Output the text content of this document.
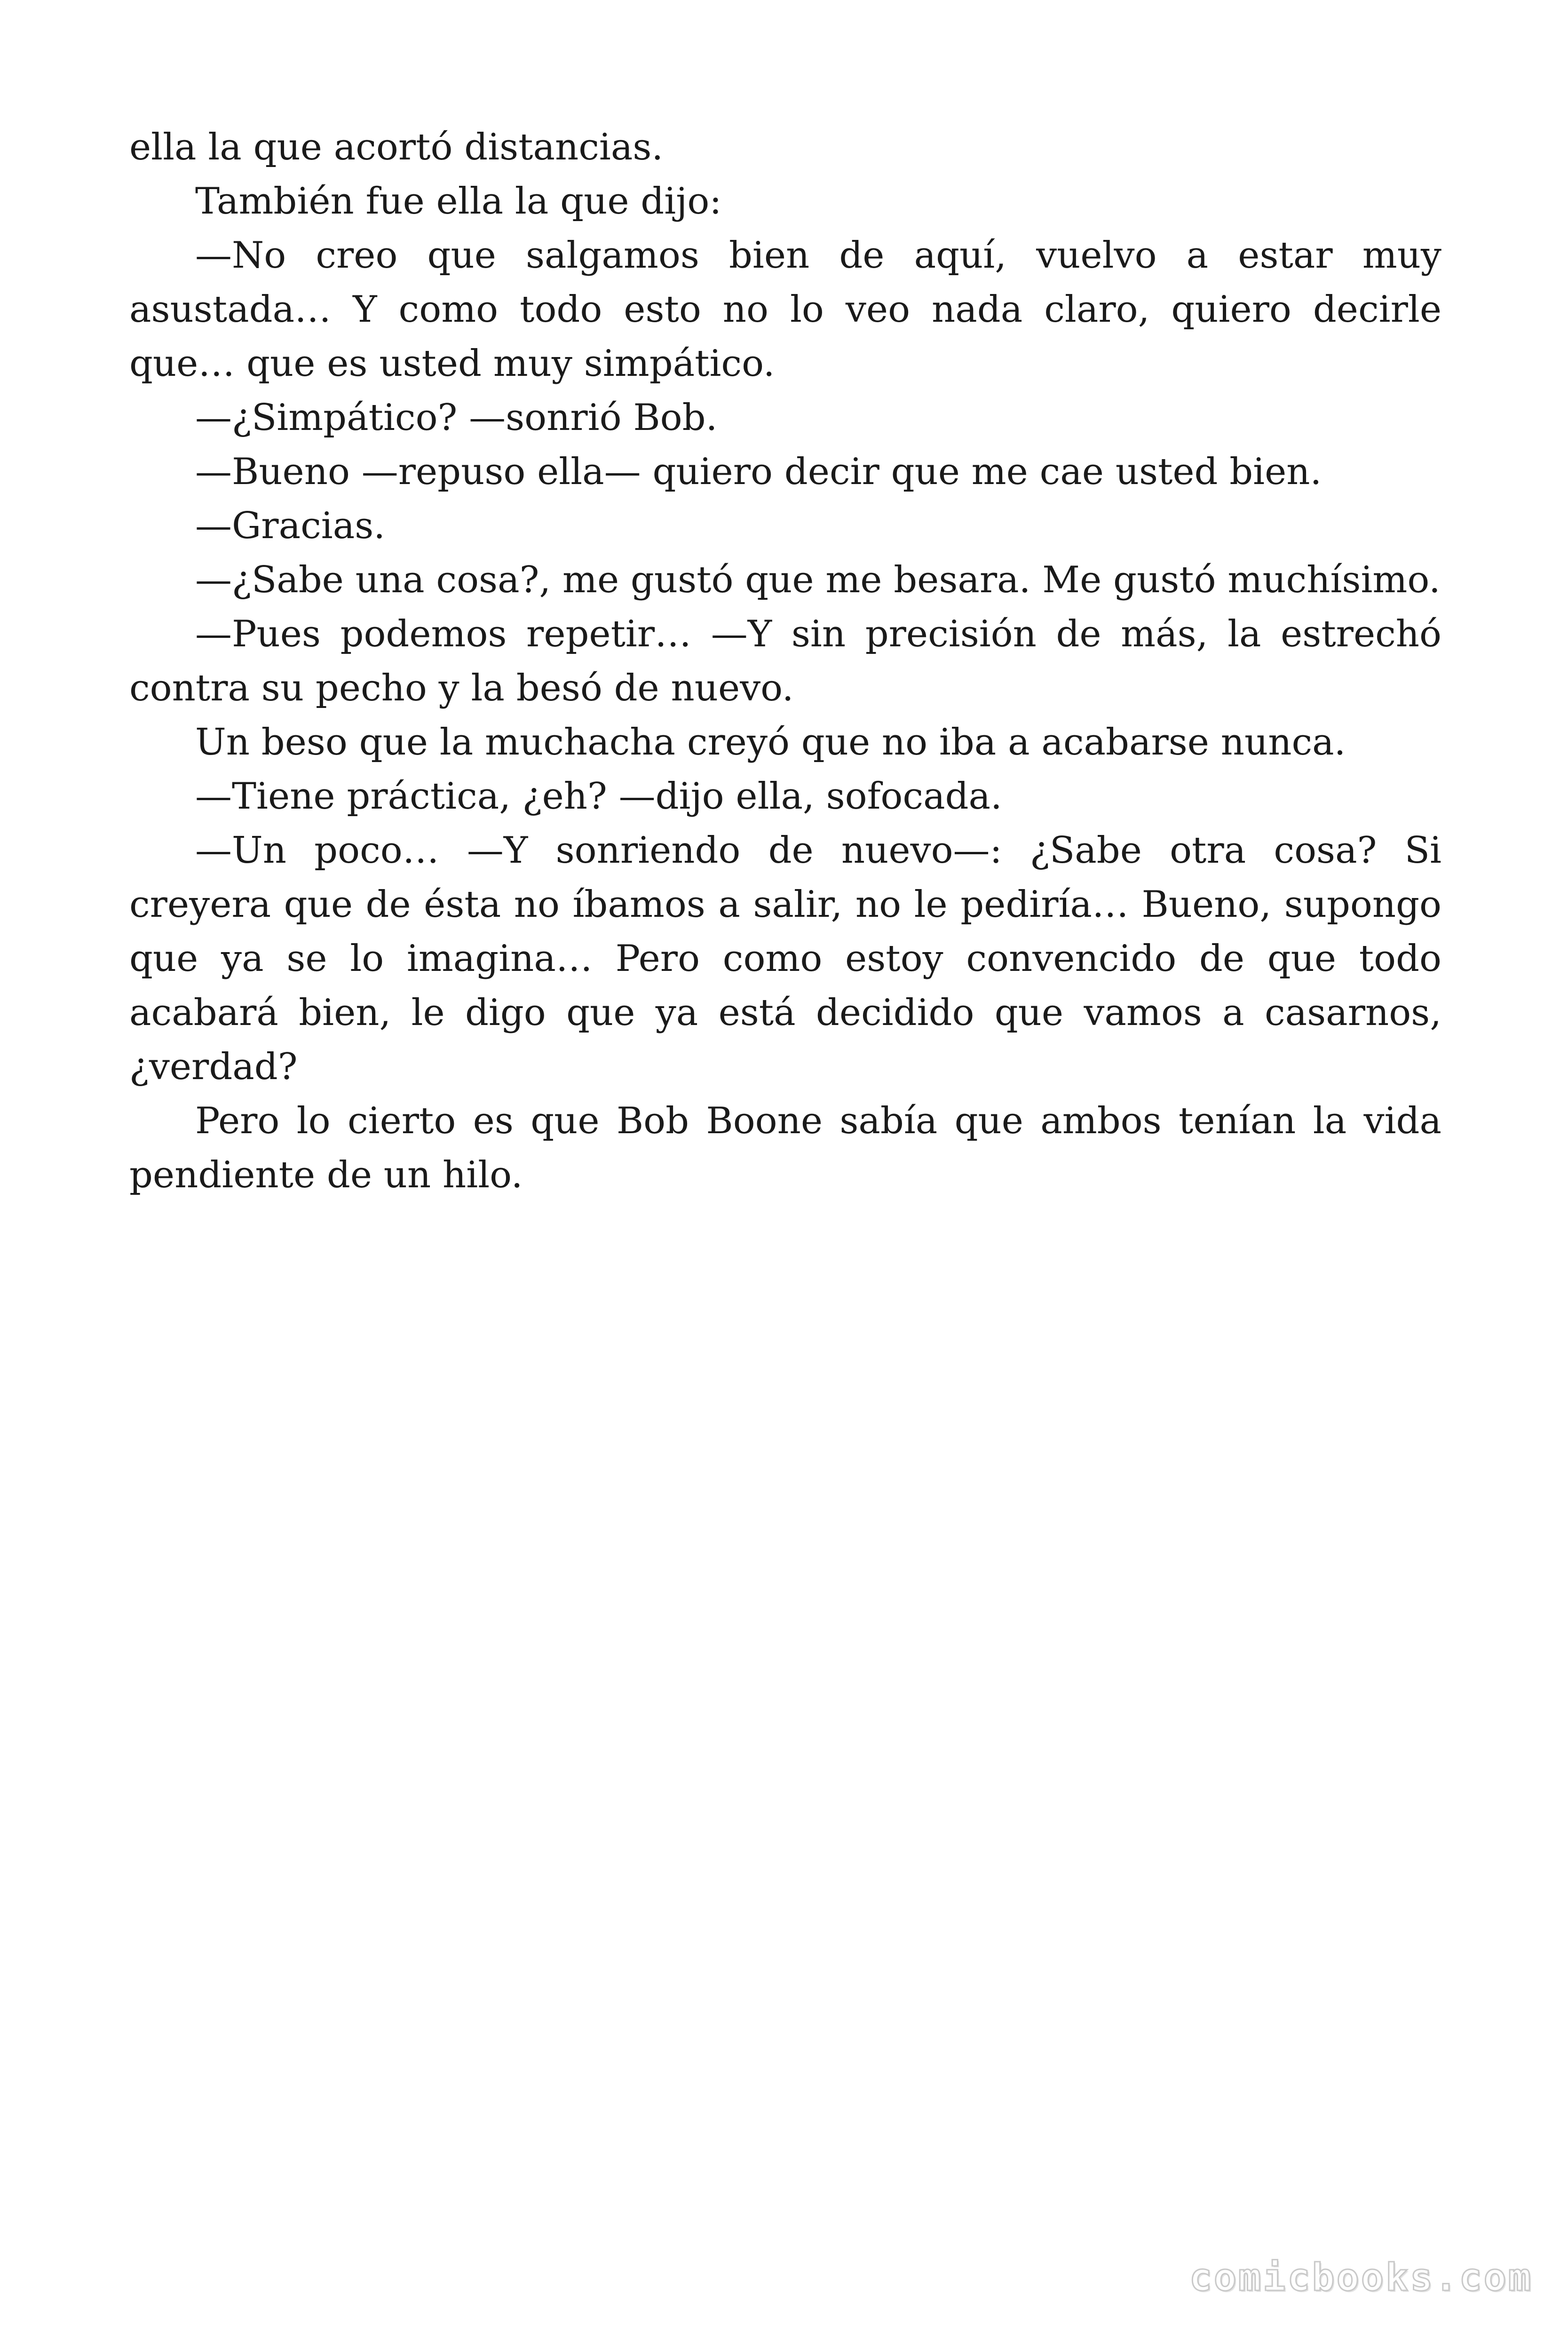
ella la que acortó distancias.

También fue ella la que dijo:

—No creo que salgamos bien de aquí, vuelvo a estar muy asustada… Y como todo esto no lo veo nada claro, quiero decirle que… que es usted muy simpático.

—¿Simpático? —sonrió Bob.

—Bueno —repuso ella— quiero decir que me cae usted bien.

—Gracias.

—¿Sabe una cosa?, me gustó que me besara. Me gustó muchísimo.

—Pues podemos repetir… —Y sin precisión de más, la estrechó contra su pecho y la besó de nuevo.

Un beso que la muchacha creyó que no iba a acabarse nunca.

—Tiene práctica, ¿eh? —dijo ella, sofocada.

—Un poco… —Y sonriendo de nuevo—: ¿Sabe otra cosa? Si creyera que de ésta no íbamos a salir, no le pediría… Bueno, supongo que ya se lo imagina… Pero como estoy convencido de que todo acabará bien, le digo que ya está decidido que vamos a casarnos, ¿verdad?

Pero lo cierto es que Bob Boone sabía que ambos tenían la vida pendiente de un hilo.

comicbooks.com
